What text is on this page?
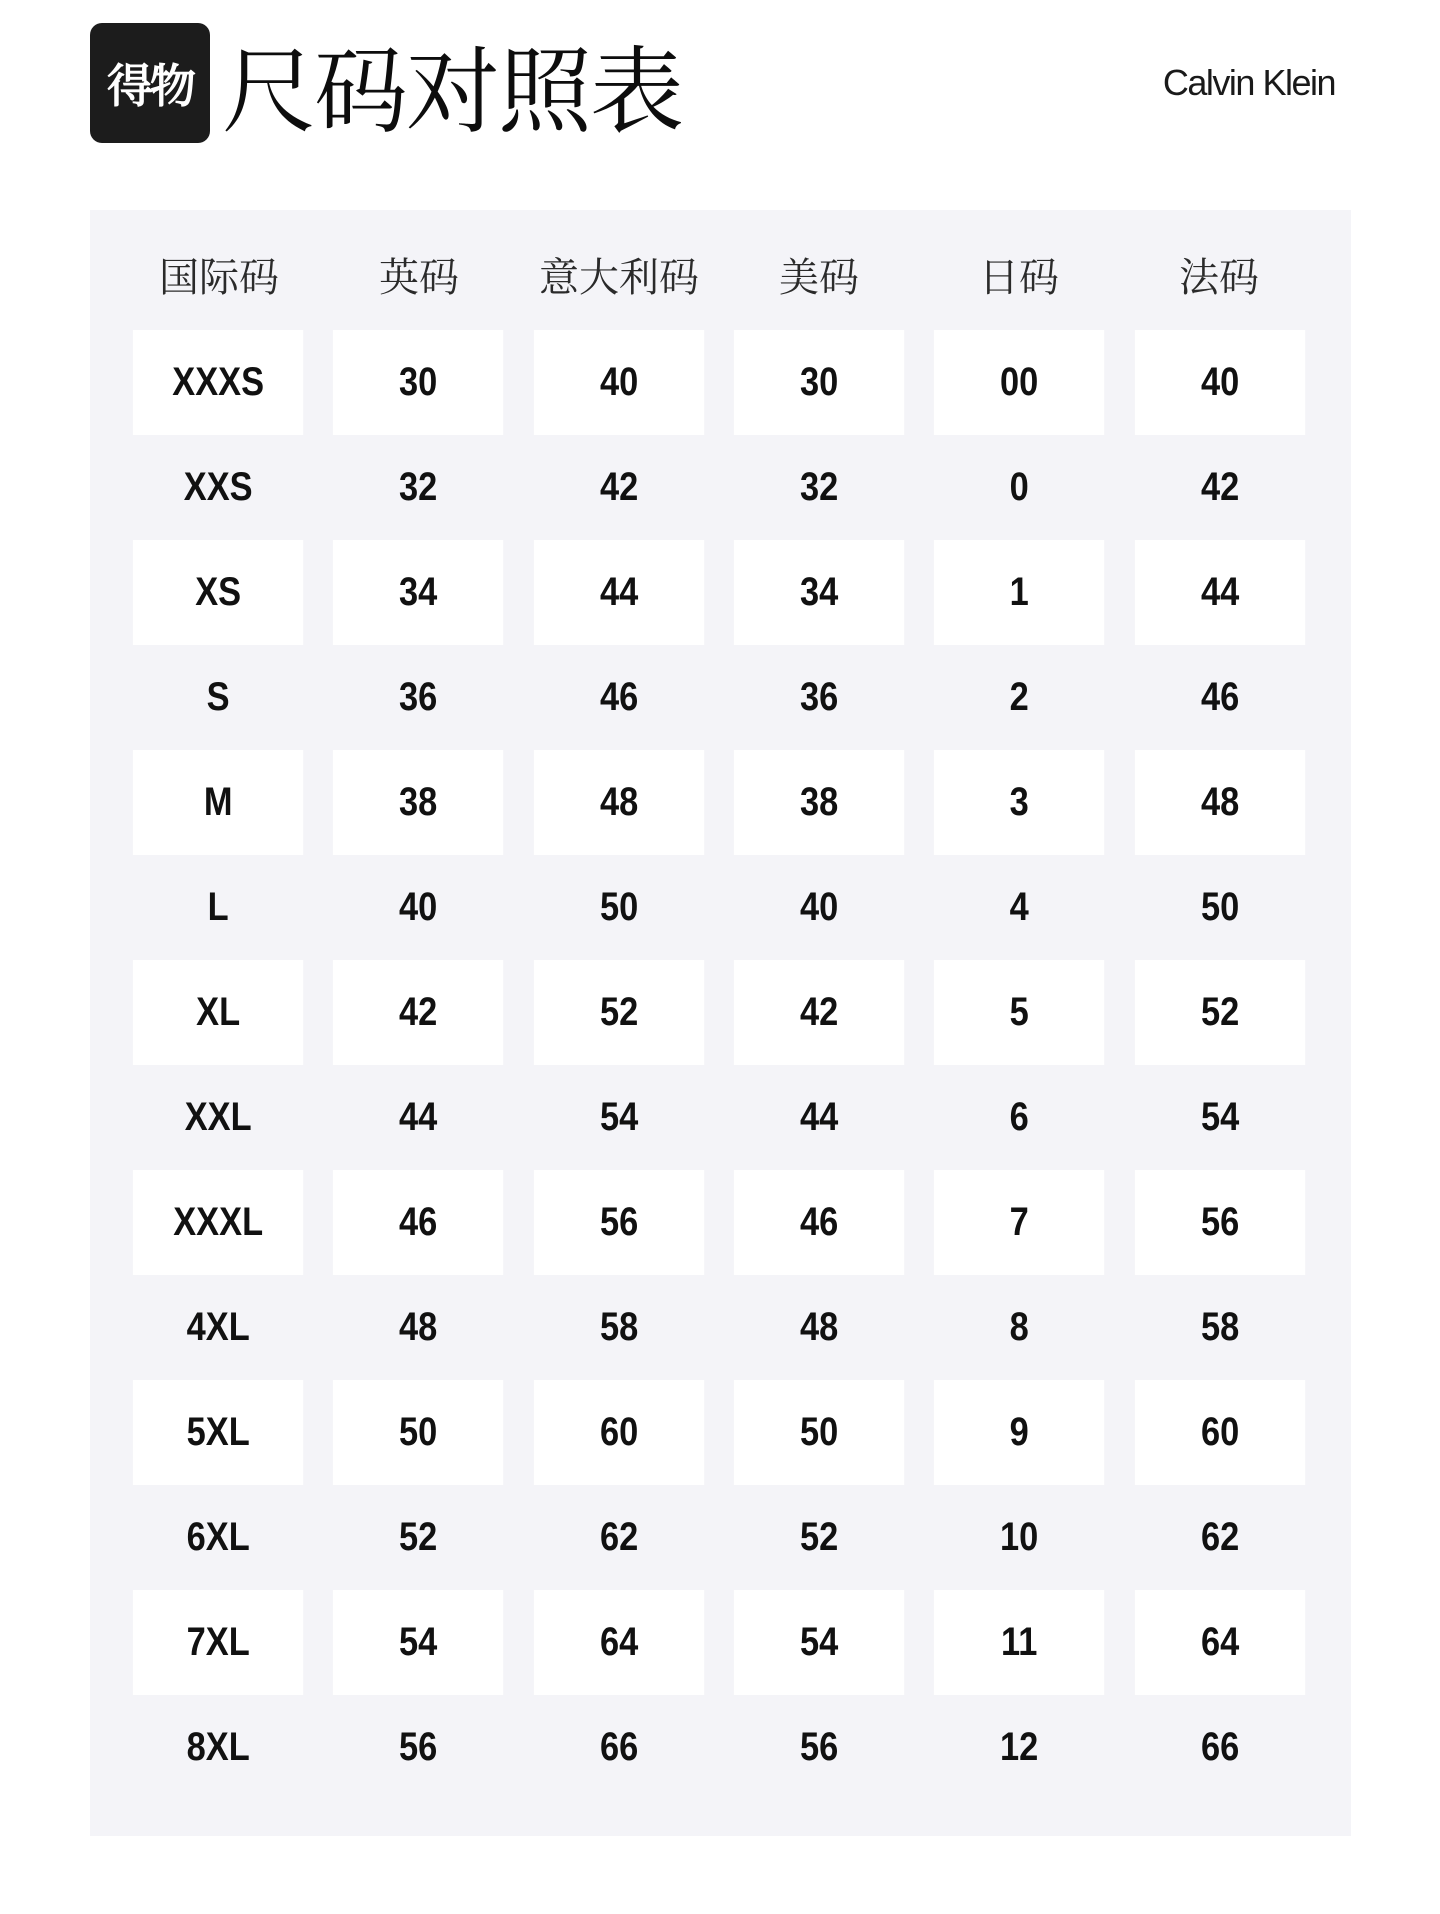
得物 尺码对照表	Calvin Klein
国际码	英码	意大利码	美码	日码	法码
XXXS	30	40	30	00	40
XXS	32	42	32	0	42
XS	34	44	34	1	44
S	36	46	36	2	46
M	38	48	38	3	48
L	40	50	40	4	50
XL	42	52	42	5	52
XXL	44	54	44	6	54
XXXL	46	56	46	7	56
4XL	48	58	48	8	58
5XL	50	60	50	9	60
6XL	52	62	52	10	62
7XL	54	64	54	11	64
8XL	56	66	56	12	66
